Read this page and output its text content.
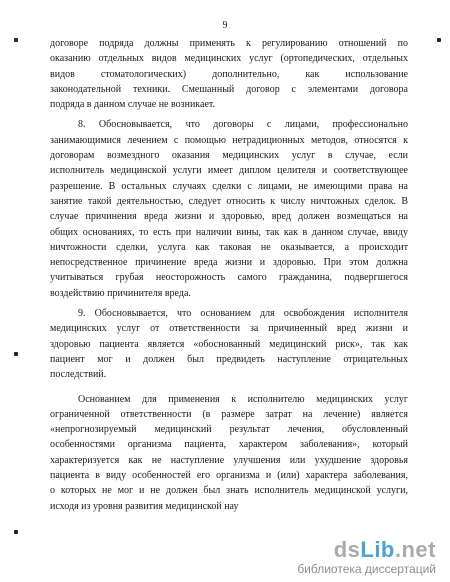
9

договоре подряда должны применять к регулированию отношений по
оказанию отдельных видов медицинских услуг (ортопедических, отдельных
видов стоматологических) дополнительно, как использование
законодательной техники. Смешанный договор с элементами договора
подряда в данном случае не возникает.

8. Обосновывается, что договоры с лицами, профессионально
занимающимися лечением с помощью нетрадиционных методов, относятся к
договорам возмездного оказания медицинских услуг в случае, если
исполнитель медицинской услуги имеет диплом целителя и соответствующее
разрешение. В остальных случаях сделки с лицами, не имеющими права на
занятие такой деятельностью, следует относить к числу ничтожных сделок. В
случае причинения вреда жизни и здоровью, вред должен возмещаться на
общих основаниях, то есть при наличии вины, так как в данном случае, ввиду
ничтожности сделки, услуга как таковая не оказывается, а происходит
непосредственное причинение вреда жизни и здоровью. При этом должна
учитываться грубая неосторожность самого гражданина, подвергшегося
воздействию причинителя вреда.

9. Обосновывается, что основанием для освобождения исполнителя
медицинских услуг от ответственности за причиненный вред жизни и
здоровью пациента является «обоснованный медицинский риск», так как
пациент мог и должен был предвидеть наступление отрицательных
последствий.

Основанием для применения к исполнителю медицинских услуг
ограниченной ответственности (в размере затрат на лечение) является
«непрогнозируемый медицинский результат лечения, обусловленный
особенностями организма пациента, характером заболевания», который
характеризуется как не наступление улучшения или ухудшение здоровья
пациента в виду особенностей его организма и (или) характера заболевания,
о которых не мог и не должен был знать исполнитель медицинской услуги,
исходя из уровня развития медицинской нау

dsLib.net
библиотека диссертаций
